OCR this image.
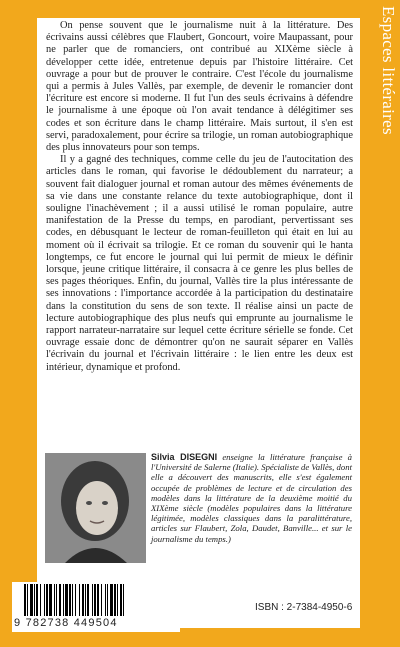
Espaces littéraires

On pense souvent que le journalisme nuit à la littérature. Des écrivains aussi célèbres que Flaubert, Goncourt, voire Maupassant, pour ne parler que de romanciers, ont contribué au XIXème siècle à développer cette idée, entretenue depuis par l'histoire littéraire. Cet ouvrage a pour but de prouver le contraire. C'est l'école du journalisme qui a permis à Jules Vallès, par exemple, de devenir le romancier dont l'écriture est encore si moderne. Il fut l'un des seuls écrivains à défendre le journalisme à une époque où l'on avait tendance à délégitimer ses codes et son écriture dans le champ littéraire. Mais surtout, il s'en est servi, paradoxalement, pour écrire sa trilogie, un roman autobiographique des plus innovateurs pour son temps.

Il y a gagné des techniques, comme celle du jeu de l'autocitation des articles dans le roman, qui favorise le dédoublement du narrateur; a souvent fait dialoguer journal et roman autour des mêmes événements de sa vie dans une constante relance du texte autobiographique, dont il souligne l'inachèvement ; il a aussi utilisé le roman populaire, autre manifestation de la Presse du temps, en parodiant, pervertissant ses codes, en débusquant le lecteur de roman-feuilleton qui était en lui au moment où il écrivait sa trilogie. Et ce roman du souvenir qui le hanta longtemps, ce fut encore le journal qui lui permit de mieux le définir lorsque, jeune critique littéraire, il consacra à ce genre les plus belles de ses pages théoriques. Enfin, du journal, Vallès tire la plus intéressante de ses innovations : l'importance accordée à la participation du destinataire dans la constitution du sens de son texte. Il réalise ainsi un pacte de lecture autobiographique des plus neufs qui emprunte au journalisme le rapport narrateur-narrataire sur lequel cette écriture sérielle se fonde. Cet ouvrage essaie donc de démontrer qu'on ne saurait séparer en Vallès l'écrivain du journal et l'écrivain littéraire : le lien entre les deux est intérieur, dynamique et profond.

Silvia DISEGNI enseigne la littérature française à l'Université de Salerne (Italie). Spécialiste de Vallès, dont elle a découvert des manuscrits, elle s'est également occupée de problèmes de lecture et de circulation des modèles dans la littérature de la deuxième moitié du XIXème siècle (modèles populaires dans la littérature légitimée, modèles classiques dans la paralittérature, articles sur Flaubert, Zola, Daudet, Banville... et sur le journalisme du temps.)
9 782738 449504
ISBN : 2-7384-4950-6
